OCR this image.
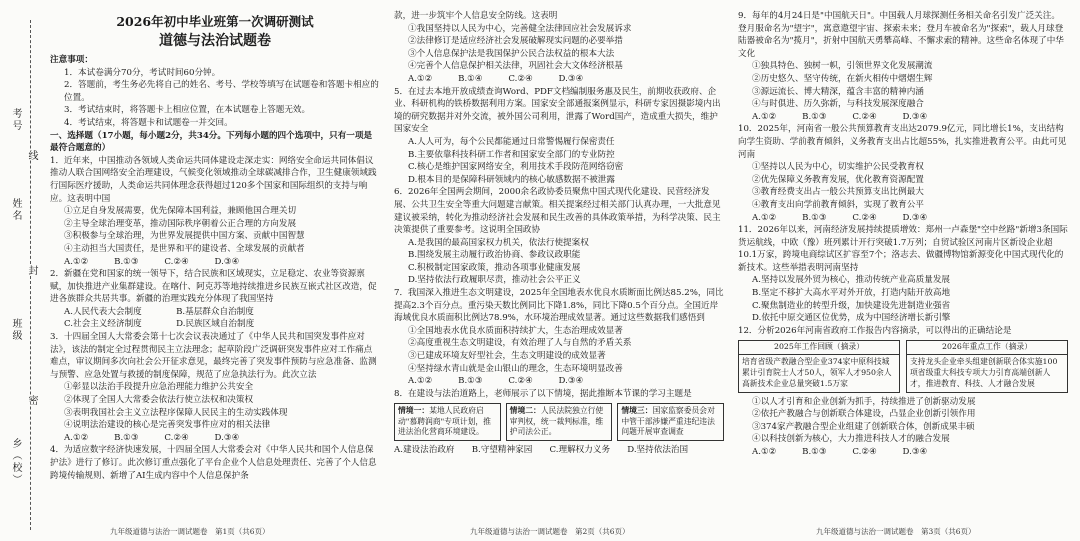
考号
姓名
班级
乡（校）
线
封
密
2026年初中毕业班第一次调研测试
道德与法治试题卷

注意事项：

1．本试卷满分70分，考试时间60分钟。

2．答题前，考生务必先将自己的姓名、考号、学校等填写在试题卷和答题卡相应的位置。

3．考试结束时，将答题卡上相应位置，在本试题卷上答题无效。

4．考试结束，将答题卡和试题卷一并交回。

一、选择题（17小题，每小题2分，共34分。下列每小题的四个选项中，只有一项是最符合题意的）

1．近年来，中国推动各领域人类命运共同体建设走深走实：网络安全命运共同体倡议推动人联合国网络安全治理建设，气候变化领域推动全球碳减排合作，卫生健康领域践行国际医疗援助，人类命运共同体理念获得超过120多个国家和国际组织的支持与响应。这表明中国

①立足自身发展需要，优先保障本国利益，兼顾他国合理关切

②主导全球治理变革，推动国际秩序朝着公正合理的方向发展

③积极参与全球治理，为世界发展提供中国方案、贡献中国智慧

④主动担当大国责任，是世界和平的建设者、全球发展的贡献者

A.①②　　　B.①③　　　C.②④　　　D.③④

2．新疆在党和国家的统一领导下，结合民族和区域现实，立足稳定、农业等资源禀赋，加快推进产业集群建设。在喀什、阿克苏等地持续推进乡民族互嵌式社区改造，促进各族群众共居共事。新疆的治理实践充分体现了我国坚持

A.人民代表大会制度　　　　B.基层群众自治制度

C.社会主义经济制度　　　　D.民族区域自治制度

3．十四届全国人大常委会第十七次会议表决通过了《中华人民共和国突发事件应对法》，该法的制定全过程贯彻民主立法理念；起草阶段广泛调研突发事件应对工作痛点难点，审议期间多次向社会公开征求意见，最终完善了突发事件预防与应急准备、监测与预警、应急处置与救援的制度保障，规范了应急执法行为。此次立法

①彰显以法治手段提升应急治理能力维护公共安全

②体现了全国人大常委会依法行使立法权和决策权

③表明我国社会主义立法程序保障人民民主的生动实践体现

④说明法治建设的核心是完善突发事件应对的相关法律

A.①②　　　B.①③　　　C.②④　　　D.③④

4．为适应数字经济快速发展，十四届全国人大常委会对《中华人民共和国个人信息保护法》进行了修订。此次修订重点强化了平台企业个人信息处理责任、完善了个人信息跨境传输规则、新增了AI生成内容中个人信息保护条

九年级道德与法治一调试题卷　第1页（共6页）

款，进一步筑牢个人信息安全防线。这表明

①我国坚持以人民为中心，完善健全法律回应社会发展诉求

②法律修订是适应经济社会发展破解现实问题的必要举措

③个人信息保护法是我国保护公民合法权益的根本大法

④完善个人信息保护相关法律，巩固社会大文体经济根基

A.①②　　　B.①④　　　C.②④　　　D.③④

5．在过去本地开放成绩查询Word、PDF文档编制服务惠及民生，前期收获政府、企业、科研机构的铁桥数据利用方案。国家安全部通报案例显示，科研专家因摄影境内出境的研究数据并对外交流，被外国公司利用，泄露了Word国产，造成重大损失，维护国家安全

A.人人可为，每个公民都能通过日常警惕履行保密责任

B.主要依靠科技科研工作者和国家安全部门的专业防控

C.核心是维护国家网络安全，利用技术手段防范网络窃密

D.根本目的是保障科研领域内的核心敏感数据不被泄露

6．2026年全国两会期间，2000余名政协委员聚焦中国式现代化建设、民营经济发展、公共卫生安全等重大问题建言献策。相关提案经过相关部门认真办理，一大批意见建议被采纳，转化为推动经济社会发展和民生改善的具体政策举措，为科学决策、民主决策提供了重要参考。这说明全国政协

A.是我国的最高国家权力机关，依法行使提案权

B.围绕发展主动履行政治协商、参政议政职能

C.积极制定国家政策，推动各项事业健康发展

D.坚持依法行政履职尽责，推动社会公平正义

7．我国深入推进生态文明建设，2025年全国地表水优良水质断面比例达85.2%，同比提高2.3个百分点。重污染天数比例同比下降1.8%，同比下降0.5个百分点。全国近岸海域优良水质面积比例达78.9%，水环境治理成效显著。通过这些数据我们感悟到

①全国地表水优良水质面积持续扩大，生态治理成效显著

②高度重视生态文明建设，有效治理了人与自然的矛盾关系

③已建成环境友好型社会，生态文明建设的成效显著

④坚持绿水青山就是金山银山的理念，生态环境明显改善

A.①②　　　B.①③　　　C.②④　　　D.③④

8．在建设与法治道路上，老师展示了以下情境，据此推断本节课的学习主题是

情境一：某地人民政府启动"慕聘润商"专项计划，推进法治化营商环境建设。
情境二：人民法院独立行使审判权，统一裁判标准，维护司法公正。
情境三：国家监察委员会对中管干部涉嫌严重违纪违法问题开展审查调查

A.建设法治政府　　B.守望精神家园　　C.理解权力义务　　D.坚持依法治国

九年级道德与法治一调试题卷　第2页（共6页）

9．每年的4月24日是"中国航天日"。中国载人月球探测任务相关命名引发广泛关注。登月服命名为"望宇"，寓意遨望宇宙、探索未来；登月车被命名为"探索"，载人月球登陆器被命名为"揽月"，折射中国航天勇攀高峰、不懈求索的精神。这些命名体现了中华文化

①独具特色、独树一帜，引领世界文化发展潮流

②历史悠久、坚守传统，在新火相传中熠熠生辉

③源远流长、博大精深，蕴含丰富的精神内涵

④与时俱进、历久弥新，与科技发展深度融合

A.①②　　　B.①③　　　C.②④　　　D.③④

10．2025年，河南省一般公共预算教育支出达2079.9亿元，同比增长1%，支出结构向学生资助、学前教育倾斜，义务教育支出占比超55%，扎实推进教育公平。由此可见河南

①坚持以人民为中心，切实维护公民受教育权

②优先保障义务教育发展，优化教育资源配置

③教育经费支出占一般公共预算支出比例最大

④教育支出向学前教育倾斜，实现了教育公平

A.①②　　　B.①③　　　C.②④　　　D.③④

11．2026年以来，河南经济发展持续提质增效：郑州一卢森堡"空中丝路"新增3条国际货运航线，中欧（豫）班列累计开行突破1.7万列；自贸试验区河南片区新设企业超10.1万家，跨境电商综试区扩容至7个；洛志去、做疆博物馆新源变化中国式现代化的新技术。这些举措表明河南坚持

A.坚持以发展外贸为核心，推动传统产业高质量发展

B.坚定不移扩大高水平对外开放，打造内陆开放高地

C.聚焦制造业的转型升级，加快建设先进制造业强省

D.依托中原交通区位优势，成为中国经济增长新引擎

12．分析2026年河南省政府工作报告内容摘录，可以得出的正确结论是

2025年工作回顾（摘录）
培育省级产教融合型企业374家中原科技城累计引育院士人才50人，领军人才950余人高新技术企业总量突破1.5万家
2026年重点工作（摘录）
支持龙头企业牵头组建创新联合体实施100项省级重大科技专项大力引育高端创新人才，推进教育、科技、人才融合发展

①以人才引育和企业创新为抓手，持续推进了创新驱动发展

②依托产教融合与创新联合体建设，凸显企业创新引领作用

③374家产教融合型企业组建了创新联合体，创新成果丰硕

④以科技创新为核心，大力推进科技人才的融合发展

A.①②　　　B.①③　　　C.②④　　　D.③④

九年级道德与法治一调试题卷　第3页（共6页）
